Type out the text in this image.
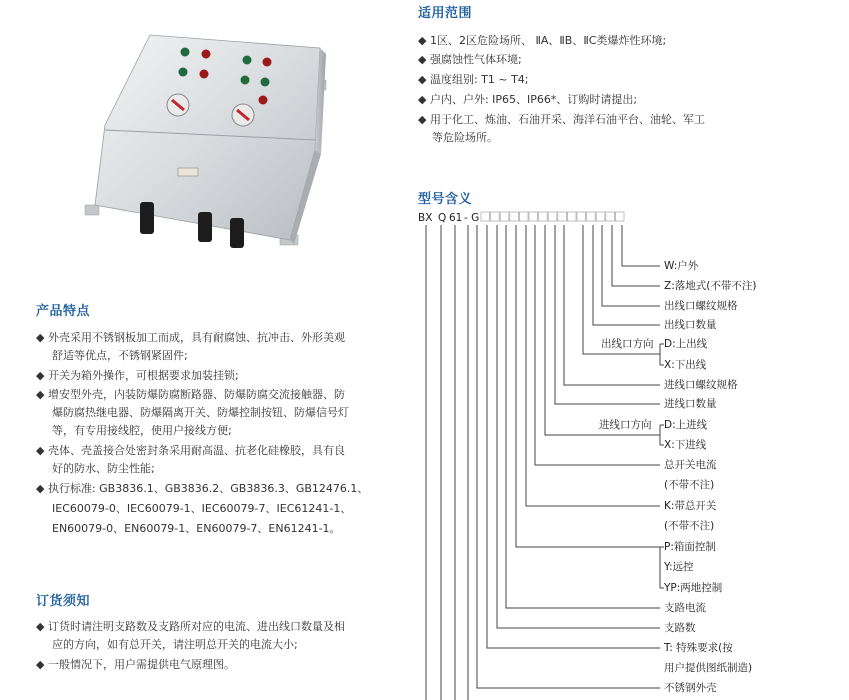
适用范围
◆ 1区、2区危险场所、 ⅡA、ⅡB、ⅡC类爆炸性环境;
◆ 强腐蚀性气体环境;
◆ 温度组别: T1 ~ T4;
◆ 户内、户外: IP65、IP66*、订购时请提出;
◆ 用于化工、炼油、石油开采、海洋石油平台、油轮、军工
等危险场所。
产品特点
◆ 外壳采用不锈钢板加工而成，具有耐腐蚀、抗冲击、外形美观
舒适等优点，不锈钢紧固件;
◆ 开关为箱外操作，可根据要求加装挂锁;
◆ 增安型外壳，内装防爆防腐断路器、防爆防腐交流接触器、防
爆防腐热继电器、防爆隔离开关、防爆控制按钮、防爆信号灯
等，有专用接线腔，使用户接线方便;
◆ 壳体、壳盖接合处密封条采用耐高温、抗老化硅橡胶，具有良
好的防水、防尘性能;
◆ 执行标准: GB3836.1、GB3836.2、GB3836.3、GB12476.1、
IEC60079-0、IEC60079-1、IEC60079-7、IEC61241-1、
EN60079-0、EN60079-1、EN60079-7、EN61241-1。
订货须知
◆ 订货时请注明支路数及支路所对应的电流、进出线口数量及相
应的方向，如有总开关，请注明总开关的电流大小;
◆ 一般情况下，用户需提供电气原理图。
型号含义
BX Q 61 - G
W:户外
Z:落地式(不带不注)
出线口螺纹规格
出线口数量
D:上出线
X:下出线
进线口螺纹规格
进线口数量
D:上进线
X:下进线
总开关电流
(不带不注)
K:带总开关
(不带不注)
P:箱面控制
Y:远控
YP:两地控制
支路电流
支路数
T: 特殊要求(按
用户提供图纸制造)
不锈钢外壳
出线口方向
进线口方向
